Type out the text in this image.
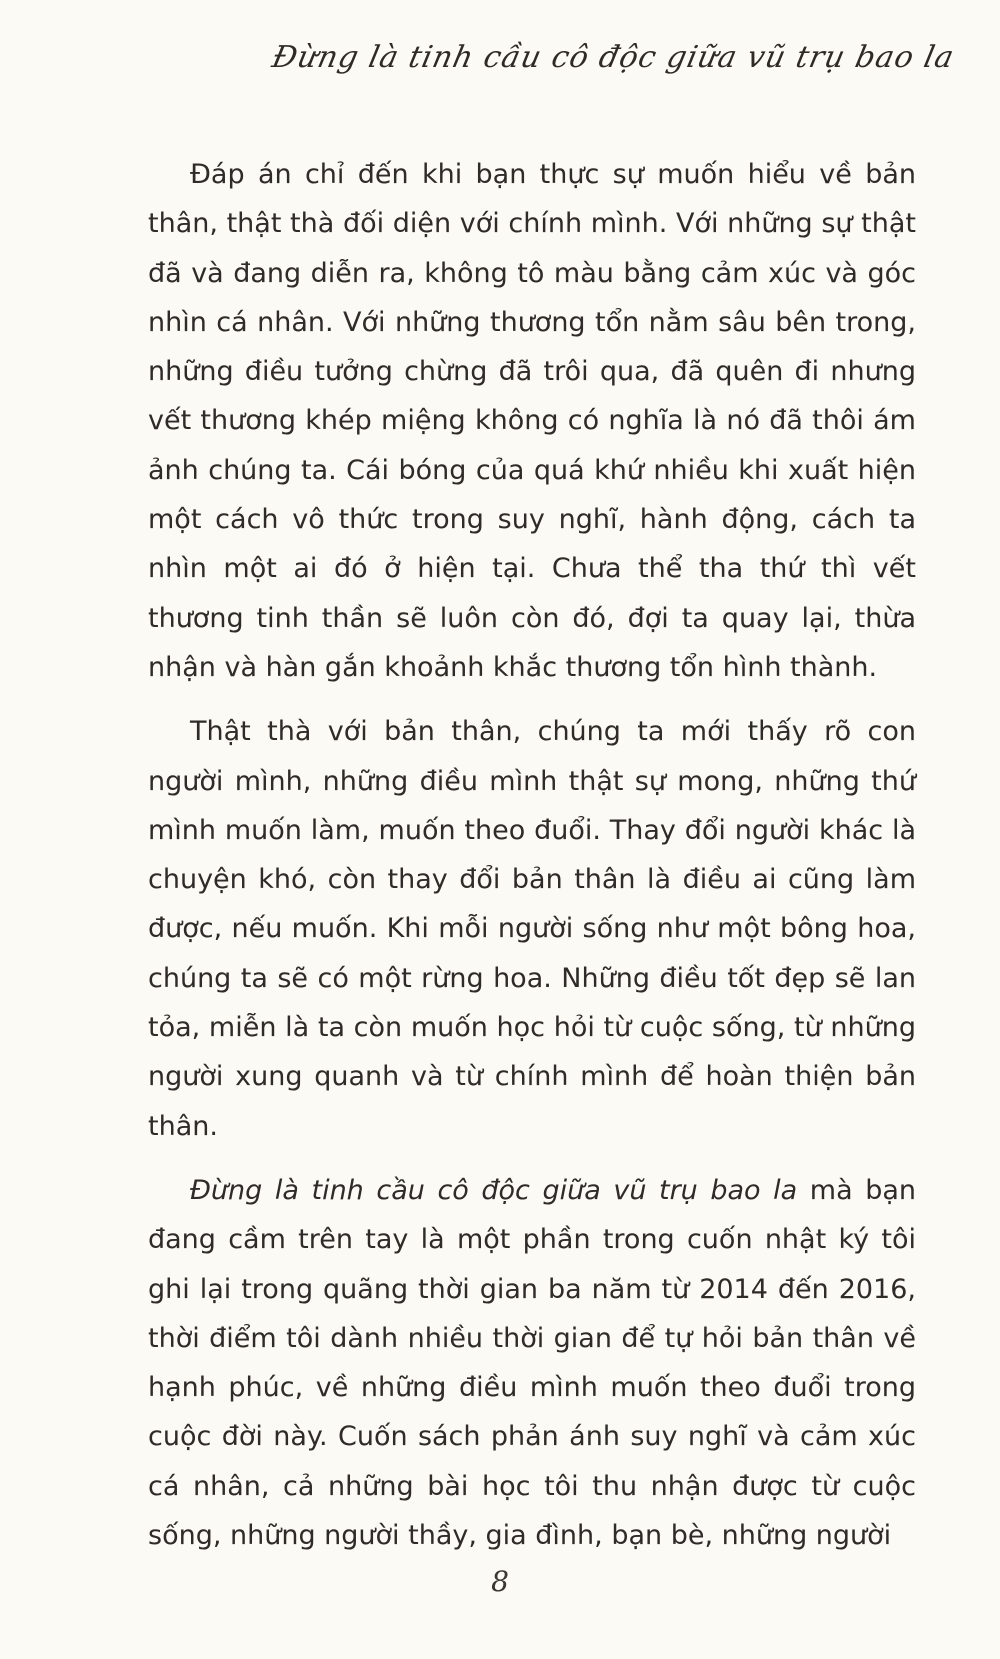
Đừng là tinh cầu cô độc giữa vũ trụ bao la

Đáp án chỉ đến khi bạn thực sự muốn hiểu về bản thân, thật thà đối diện với chính mình. Với những sự thật đã và đang diễn ra, không tô màu bằng cảm xúc và góc nhìn cá nhân. Với những thương tổn nằm sâu bên trong, những điều tưởng chừng đã trôi qua, đã quên đi nhưng vết thương khép miệng không có nghĩa là nó đã thôi ám ảnh chúng ta. Cái bóng của quá khứ nhiều khi xuất hiện một cách vô thức trong suy nghĩ, hành động, cách ta nhìn một ai đó ở hiện tại. Chưa thể tha thứ thì vết thương tinh thần sẽ luôn còn đó, đợi ta quay lại, thừa nhận và hàn gắn khoảnh khắc thương tổn hình thành.

Thật thà với bản thân, chúng ta mới thấy rõ con người mình, những điều mình thật sự mong, những thứ mình muốn làm, muốn theo đuổi. Thay đổi người khác là chuyện khó, còn thay đổi bản thân là điều ai cũng làm được, nếu muốn. Khi mỗi người sống như một bông hoa, chúng ta sẽ có một rừng hoa. Những điều tốt đẹp sẽ lan tỏa, miễn là ta còn muốn học hỏi từ cuộc sống, từ những người xung quanh và từ chính mình để hoàn thiện bản thân.

Đừng là tinh cầu cô độc giữa vũ trụ bao la mà bạn đang cầm trên tay là một phần trong cuốn nhật ký tôi ghi lại trong quãng thời gian ba năm từ 2014 đến 2016, thời điểm tôi dành nhiều thời gian để tự hỏi bản thân về hạnh phúc, về những điều mình muốn theo đuổi trong cuộc đời này. Cuốn sách phản ánh suy nghĩ và cảm xúc cá nhân, cả những bài học tôi thu nhận được từ cuộc sống, những người thầy, gia đình, bạn bè, những người

8
